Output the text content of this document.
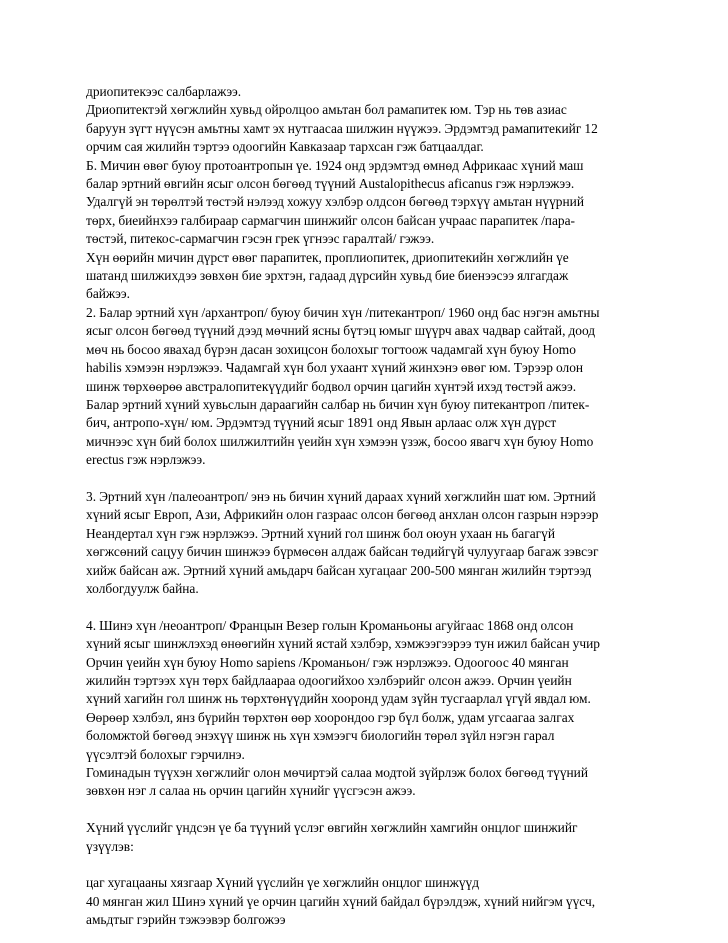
дриопитекээс салбарлажээ.
Дриопитектэй хөгжлийн хувьд ойролцоо амьтан бол рамапитек юм. Тэр нь төв азиас
баруун зүгт нүүсэн амьтны хамт эх нутгаасаа шилжин нүүжээ. Эрдэмтэд рамапитекийг 12
орчим сая жилийн тэртээ одоогийн Кавказаар тархсан гэж батцаалдаг.
Б. Мичин өвөг буюу протоантропын үе. 1924 онд эрдэмтэд өмнөд Африкаас хүний маш
балар эртний өвгийн ясыг олсон бөгөөд түүний Austalopithecus aficanus гэж нэрлэжээ.
Удалгүй эн төрөлтэй төстэй нэлээд хожуу хэлбэр олдсон бөгөөд тэрхүү амьтан нүүрний
төрх, биеийнхээ галбираар сармагчин шинжийг олсон байсан учраас парапитек /пара-
төстэй, питекос-сармагчин гэсэн грек үгнээс гаралтай/ гэжээ.
Хүн өөрийн мичин дүрст өвөг парапитек, проплиопитек, дриопитекийн хөгжлийн үе
шатанд шилжихдээ зөвхөн бие эрхтэн, гадаад дүрсийн хувьд бие биенээсээ ялгагдаж
байжээ.
2. Балар эртний хүн /архантроп/ буюу бичин хүн /питекантроп/ 1960 онд бас нэгэн амьтны
ясыг олсон бөгөөд түүний дээд мөчний ясны бүтэц юмыг шүүрч авах чадвар сайтай, доод
мөч нь босоо явахад бүрэн дасан зохицсон болохыг тогтоож чадамгай хүн буюу Homo
habilis хэмээн нэрлэжээ. Чадамгай хүн бол ухаант хүний жинхэнэ өвөг юм. Тэрээр олон
шинж төрхөөрөө австралопитекүүдийг бодвол орчин цагийн хүнтэй ихэд төстэй ажээ.
Балар эртний хүний хувьслын дараагийн салбар нь бичин хүн буюу питекантроп /питек-
бич, антропо-хүн/ юм. Эрдэмтэд түүний ясыг 1891 онд Явын арлаас олж хүн дүрст
мичнээс хүн бий болох шилжилтийн үеийн хүн хэмээн үзэж, босоо явагч хүн буюу Homo
erectus гэж нэрлэжээ.
3. Эртний хүн /палеоантроп/ энэ нь бичин хүний дараах хүний хөгжлийн шат юм. Эртний
хүний ясыг Европ, Ази, Африкийн олон газраас олсон бөгөөд анхлан олсон газрын нэрээр
Неандертал хүн гэж нэрлэжээ. Эртний хүний гол шинж бол оюун ухаан нь багагүй
хөгжсөний сацуу бичин шинжээ бүрмөсөн алдаж байсан төдийгүй чулуугаар багаж зэвсэг
хийж байсан аж. Эртний хүний амьдарч байсан хугацааг 200-500 мянган жилийн тэртээд
холбогдуулж байна.
4. Шинэ хүн /неоантроп/ Францын Везер голын Кроманьоны агуйгаас 1868 онд олсон
хүний ясыг шинжлэхэд өнөөгийн хүний ястай хэлбэр, хэмжээгээрээ тун ижил байсан учир
Орчин үеийн хүн буюу Homo sapiens /Кроманьон/ гэж нэрлэжээ. Одоогоос 40 мянган
жилийн тэртээх хүн төрх байдлаараа одоогийхоо хэлбэрийг олсон ажээ. Орчин үеийн
хүний хагийн гол шинж нь төрхтөнүүдийн хооронд удам зүйн тусгаарлал үгүй явдал юм.
Өөрөөр хэлбэл, янз бүрийн төрхтөн өөр хоорондоо гэр бүл болж, удам угсаагаа залгах
боломжтой бөгөөд энэхүү шинж нь хүн хэмээгч биологийн төрөл зүйл нэгэн гарал
үүсэлтэй болохыг гэрчилнэ.
Гоминадын түүхэн хөгжлийг олон мөчиртэй салаа модтой зүйрлэж болох бөгөөд түүний
зөвхөн нэг л салаа нь орчин цагийн хүнийг үүсгэсэн ажээ.
Хүний үүслийг үндсэн үе ба түүний үслэг өвгийн хөгжлийн хамгийн онцлог шинжийг
үзүүлэв:
цаг хугацааны хязгаар Хүний үүслийн үе хөгжлийн онцлог шинжүүд
40 мянган жил Шинэ хүний үе орчин цагийн хүний байдал бүрэлдэж, хүний нийгэм үүсч,
амьдтыг гэрийн тэжээвэр болгожээ
